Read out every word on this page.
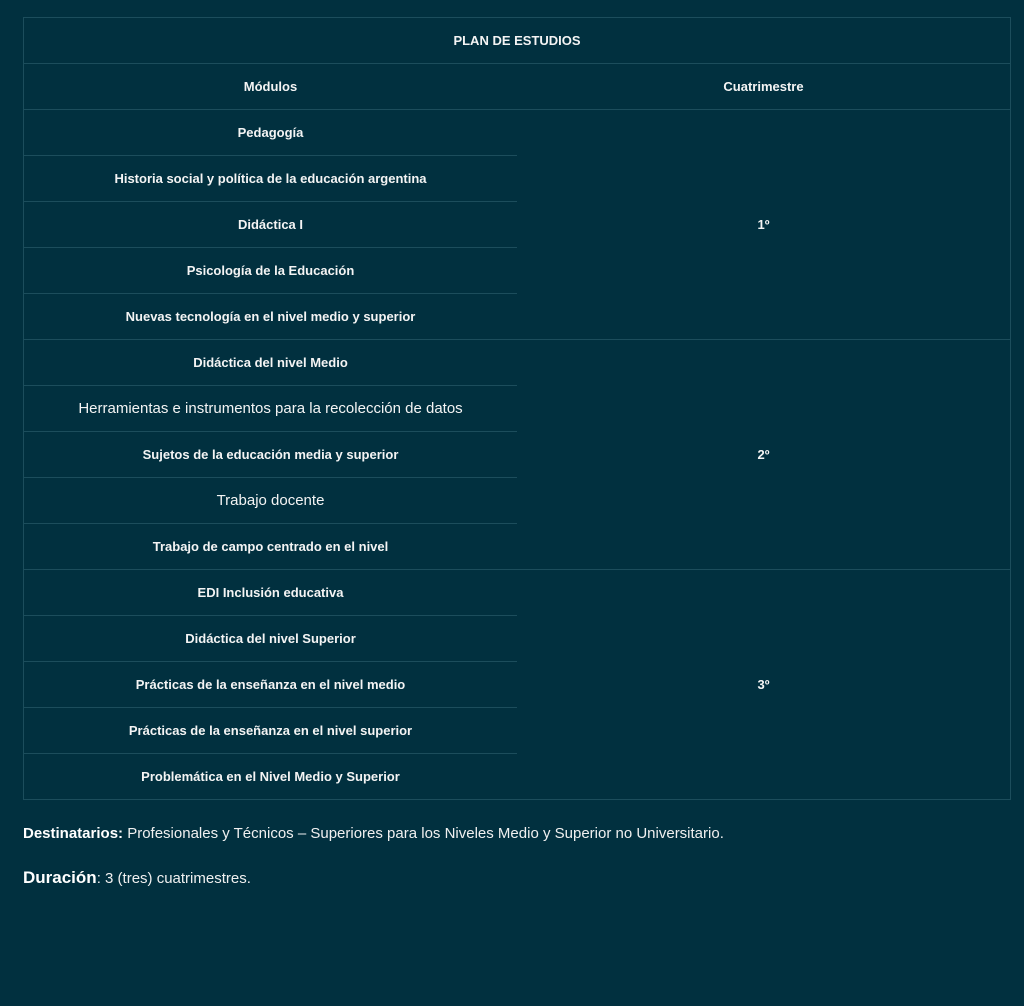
PLAN DE ESTUDIOS	
Módulos	Cuatrimestre
Pedagogía	1º
Historia social y política de la educación argentina	
Didáctica I	
Psicología de la Educación	
Nuevas tecnología en el nivel medio y superior	
Didáctica del nivel Medio	2º
Herramientas e instrumentos para la recolección de datos	
Sujetos de la educación media y superior	
Trabajo docente	
Trabajo de campo centrado en el nivel	
EDI Inclusión educativa	3º
Didáctica del nivel Superior	
Prácticas de la enseñanza en el nivel medio	
Prácticas de la enseñanza en el nivel superior	
Problemática en el Nivel Medio y Superior	

Destinatarios: Profesionales y Técnicos – Superiores para los Niveles Medio y Superior no Universitario.

Duración: 3 (tres) cuatrimestres.
